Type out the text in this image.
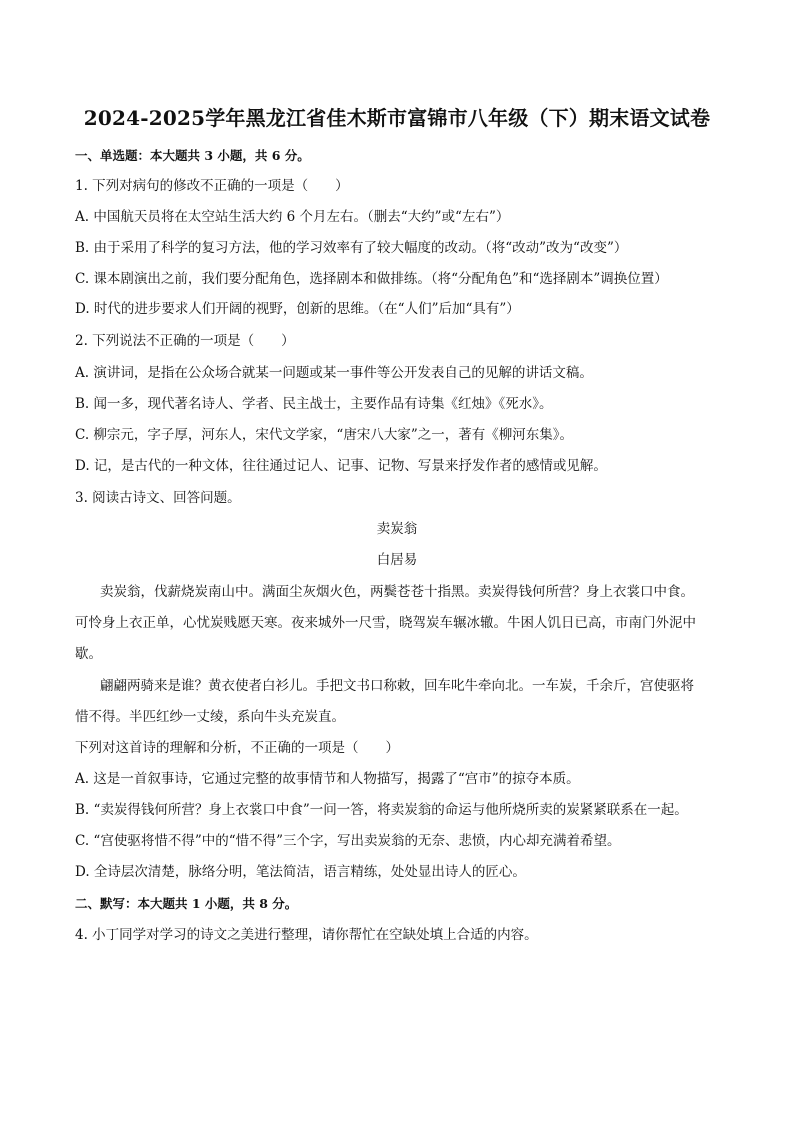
2024-2025学年黑龙江省佳木斯市富锦市八年级（下）期末语文试卷
一、单选题：本大题共 3 小题，共 6 分。
1. 下列对病句的修改不正确的一项是（　　）
A. 中国航天员将在太空站生活大约 6 个月左右。（删去“大约”或“左右”）
B. 由于采用了科学的复习方法，他的学习效率有了较大幅度的改动。（将“改动”改为“改变”）
C. 课本剧演出之前，我们要分配角色，选择剧本和做排练。（将“分配角色”和“选择剧本”调换位置）
D. 时代的进步要求人们开阔的视野，创新的思维。（在“人们”后加“具有”）
2. 下列说法不正确的一项是（　　）
A. 演讲词，是指在公众场合就某一问题或某一事件等公开发表自己的见解的讲话文稿。
B. 闻一多，现代著名诗人、学者、民主战士，主要作品有诗集《红烛》《死水》。
C. 柳宗元，字子厚，河东人，宋代文学家，“唐宋八大家”之一，著有《柳河东集》。
D. 记，是古代的一种文体，往往通过记人、记事、记物、写景来抒发作者的感情或见解。
3. 阅读古诗文、回答问题。
卖炭翁
白居易
卖炭翁，伐薪烧炭南山中。满面尘灰烟火色，两鬓苍苍十指黑。卖炭得钱何所营？身上衣裳口中食。
可怜身上衣正单，心忧炭贱愿天寒。夜来城外一尺雪，晓驾炭车辗冰辙。牛困人饥日已高，市南门外泥中
歇。
翩翩两骑来是谁？黄衣使者白衫儿。手把文书口称敕，回车叱牛牵向北。一车炭，千余斤，宫使驱将
惜不得。半匹红纱一丈绫，系向牛头充炭直。
下列对这首诗的理解和分析，不正确的一项是（　　）
A. 这是一首叙事诗，它通过完整的故事情节和人物描写，揭露了“宫市”的掠夺本质。
B. “卖炭得钱何所营？身上衣裳口中食”一问一答，将卖炭翁的命运与他所烧所卖的炭紧紧联系在一起。
C. “宫使驱将惜不得”中的“惜不得”三个字，写出卖炭翁的无奈、悲愤，内心却充满着希望。
D. 全诗层次清楚，脉络分明，笔法简洁，语言精练，处处显出诗人的匠心。
二、默写：本大题共 1 小题，共 8 分。
4. 小丁同学对学习的诗文之美进行整理，请你帮忙在空缺处填上合适的内容。
